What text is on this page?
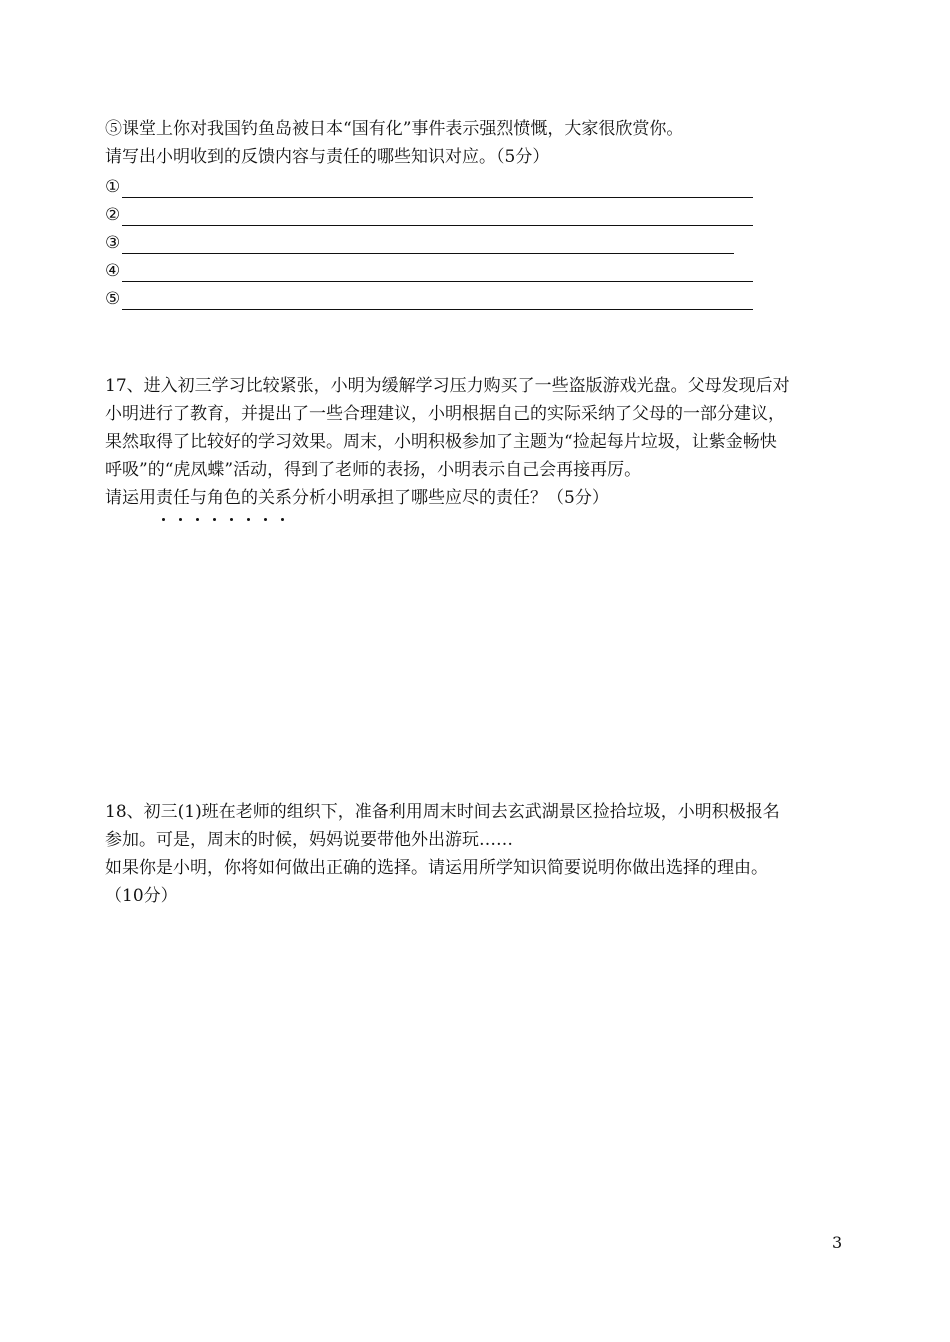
⑤课堂上你对我国钓鱼岛被日本“国有化”事件表示强烈愤慨，大家很欣赏你。
请写出小明收到的反馈内容与责任的哪些知识对应。（5分）
①
②
③
④
⑤

17、进入初三学习比较紧张，小明为缓解学习压力购买了一些盗版游戏光盘。父母发现后对

小明进行了教育，并提出了一些合理建议，小明根据自己的实际采纳了父母的一部分建议，

果然取得了比较好的学习效果。周末，小明积极参加了主题为“捡起每片垃圾，让紫金畅快

呼吸”的“虎凤蝶”活动，得到了老师的表扬，小明表示自己会再接再厉。

请运用责任与角色的关系
分析小明承担了哪些应尽的责任？（5分）

18、初三(1)班在老师的组织下，准备利用周末时间去玄武湖景区捡拾垃圾，小明积极报名

参加。可是，周末的时候，妈妈说要带他外出游玩……

如果你是小明，你将如何做出正确的选择。请运用所学知识简要说明你做出选择的理由。

（10分）

3
